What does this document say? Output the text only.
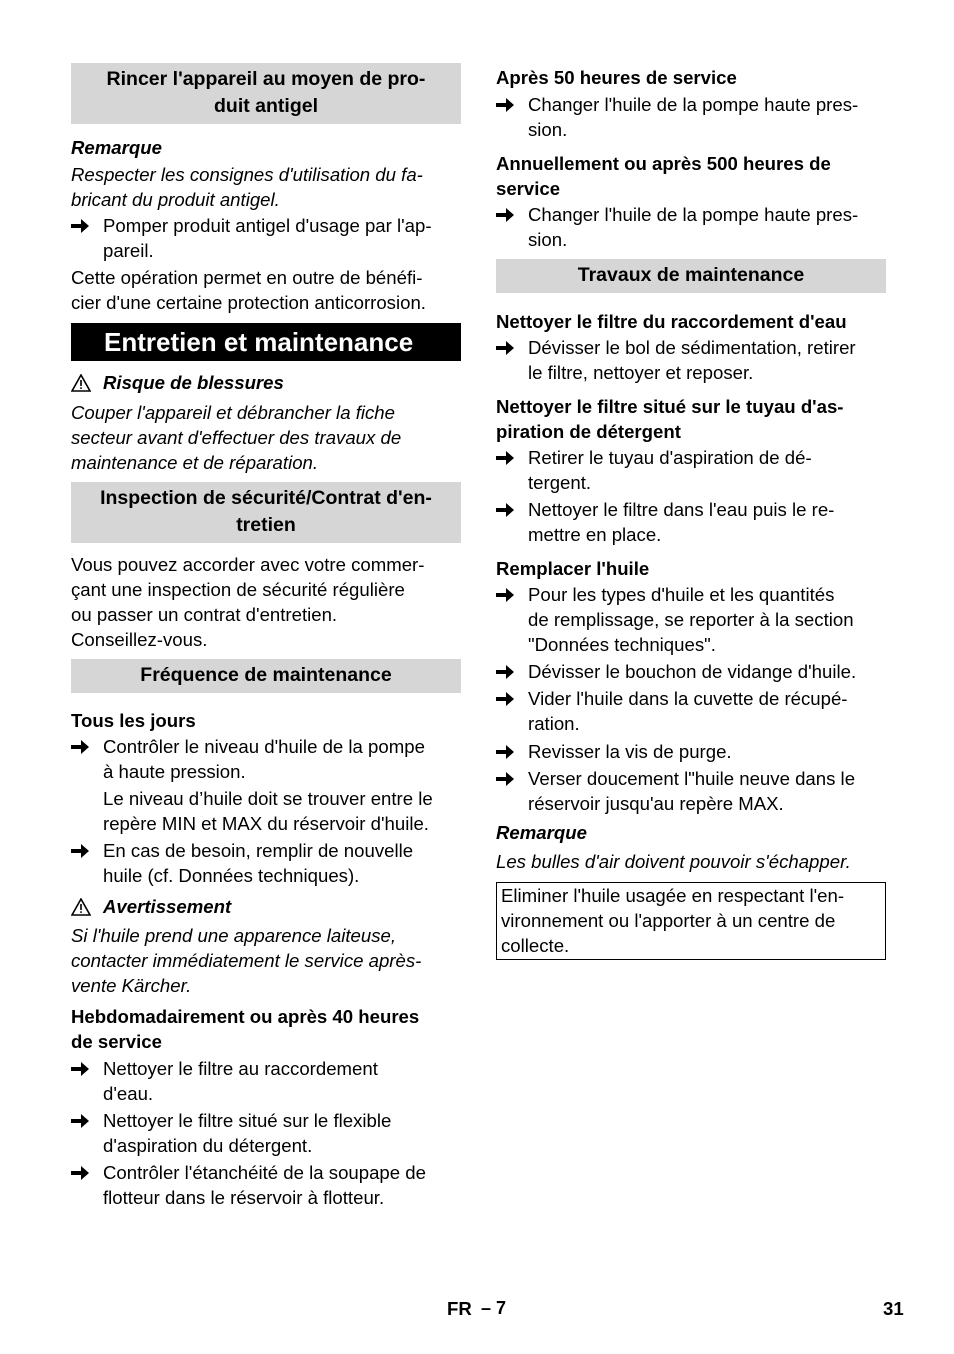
Rincer l'appareil au moyen de pro-
duit antigel

Remarque

Respecter les consignes d'utilisation du fa-
bricant du produit antigel.

Pomper produit antigel d'usage par l'ap-
pareil.

Cette opération permet en outre de bénéfi-
cier d'une certaine protection anticorrosion.

Entretien et maintenance
Risque de blessures

Couper l'appareil et débrancher la fiche
secteur avant d'effectuer des travaux de
maintenance et de réparation.

Inspection de sécurité/Contrat d'en-
tretien

Vous pouvez accorder avec votre commer-
çant une inspection de sécurité régulière
ou passer un contrat d'entretien.
Conseillez-vous.

Fréquence de maintenance

Tous les jours

Contrôler le niveau d'huile de la pompe
à haute pression.

Le niveau d’huile doit se trouver entre le
repère MIN et MAX du réservoir d'huile.

En cas de besoin, remplir de nouvelle
huile (cf. Données techniques).
Avertissement

Si l'huile prend une apparence laiteuse,
contacter immédiatement le service après-
vente Kärcher.

Hebdomadairement ou après 40 heures
de service

Nettoyer le filtre au raccordement
d'eau.
Nettoyer le filtre situé sur le flexible
d'aspiration du détergent.
Contrôler l'étanchéité de la soupape de
flotteur dans le réservoir à flotteur.

Après 50 heures de service

Changer l'huile de la pompe haute pres-
sion.

Annuellement ou après 500 heures de
service

Changer l'huile de la pompe haute pres-
sion.
Travaux de maintenance

Nettoyer le filtre du raccordement d'eau

Dévisser le bol de sédimentation, retirer
le filtre, nettoyer et reposer.

Nettoyer le filtre situé sur le tuyau d'as-
piration de détergent

Retirer le tuyau d'aspiration de dé-
tergent.
Nettoyer le filtre dans l'eau puis le re-
mettre en place.

Remplacer l'huile

Pour les types d'huile et les quantités
de remplissage, se reporter à la section
"Données techniques".
Dévisser le bouchon de vidange d'huile.
Vider l'huile dans la cuvette de récupé-
ration.
Revisser la vis de purge.
Verser doucement l"huile neuve dans le
réservoir jusqu'au repère MAX.

Remarque

Les bulles d'air doivent pouvoir s'échapper.

Eliminer l'huile usagée en respectant l'en-
vironnement ou l'apporter à un centre de
collecte.
FR – 7	31
